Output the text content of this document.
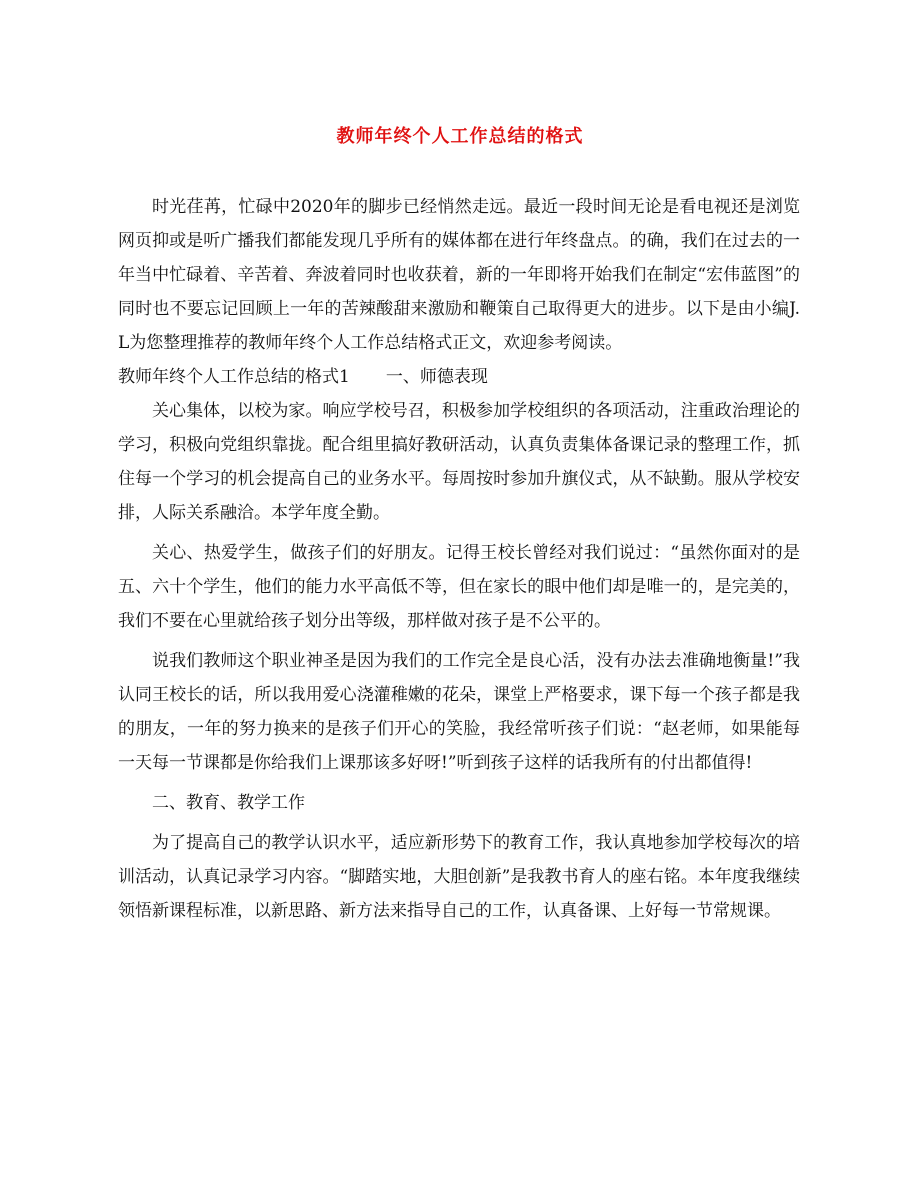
教师年终个人工作总结的格式

时光荏苒，忙碌中2020年的脚步已经悄然走远。最近一段时间无论是看电视还是浏览网页抑或是听广播我们都能发现几乎所有的媒体都在进行年终盘点。的确，我们在过去的一年当中忙碌着、辛苦着、奔波着同时也收获着，新的一年即将开始我们在制定“宏伟蓝图”的同时也不要忘记回顾上一年的苦辣酸甜来激励和鞭策自己取得更大的进步。以下是由小编J.L为您整理推荐的教师年终个人工作总结格式正文，欢迎参考阅读。

教师年终个人工作总结的格式1 一、师德表现

关心集体，以校为家。响应学校号召，积极参加学校组织的各项活动，注重政治理论的学习，积极向党组织靠拢。配合组里搞好教研活动，认真负责集体备课记录的整理工作，抓住每一个学习的机会提高自己的业务水平。每周按时参加升旗仪式，从不缺勤。服从学校安排，人际关系融洽。本学年度全勤。

关心、热爱学生，做孩子们的好朋友。记得王校长曾经对我们说过：“虽然你面对的是五、六十个学生，他们的能力水平高低不等，但在家长的眼中他们却是唯一的，是完美的，我们不要在心里就给孩子划分出等级，那样做对孩子是不公平的。

说我们教师这个职业神圣是因为我们的工作完全是良心活，没有办法去准确地衡量!”我认同王校长的话，所以我用爱心浇灌稚嫩的花朵，课堂上严格要求，课下每一个孩子都是我的朋友，一年的努力换来的是孩子们开心的笑脸，我经常听孩子们说：“赵老师，如果能每一天每一节课都是你给我们上课那该多好呀!”听到孩子这样的话我所有的付出都值得!

二、教育、教学工作

为了提高自己的教学认识水平，适应新形势下的教育工作，我认真地参加学校每次的培训活动，认真记录学习内容。“脚踏实地，大胆创新”是我教书育人的座右铭。本年度我继续领悟新课程标准，以新思路、新方法来指导自己的工作，认真备课、上好每一节常规课。
